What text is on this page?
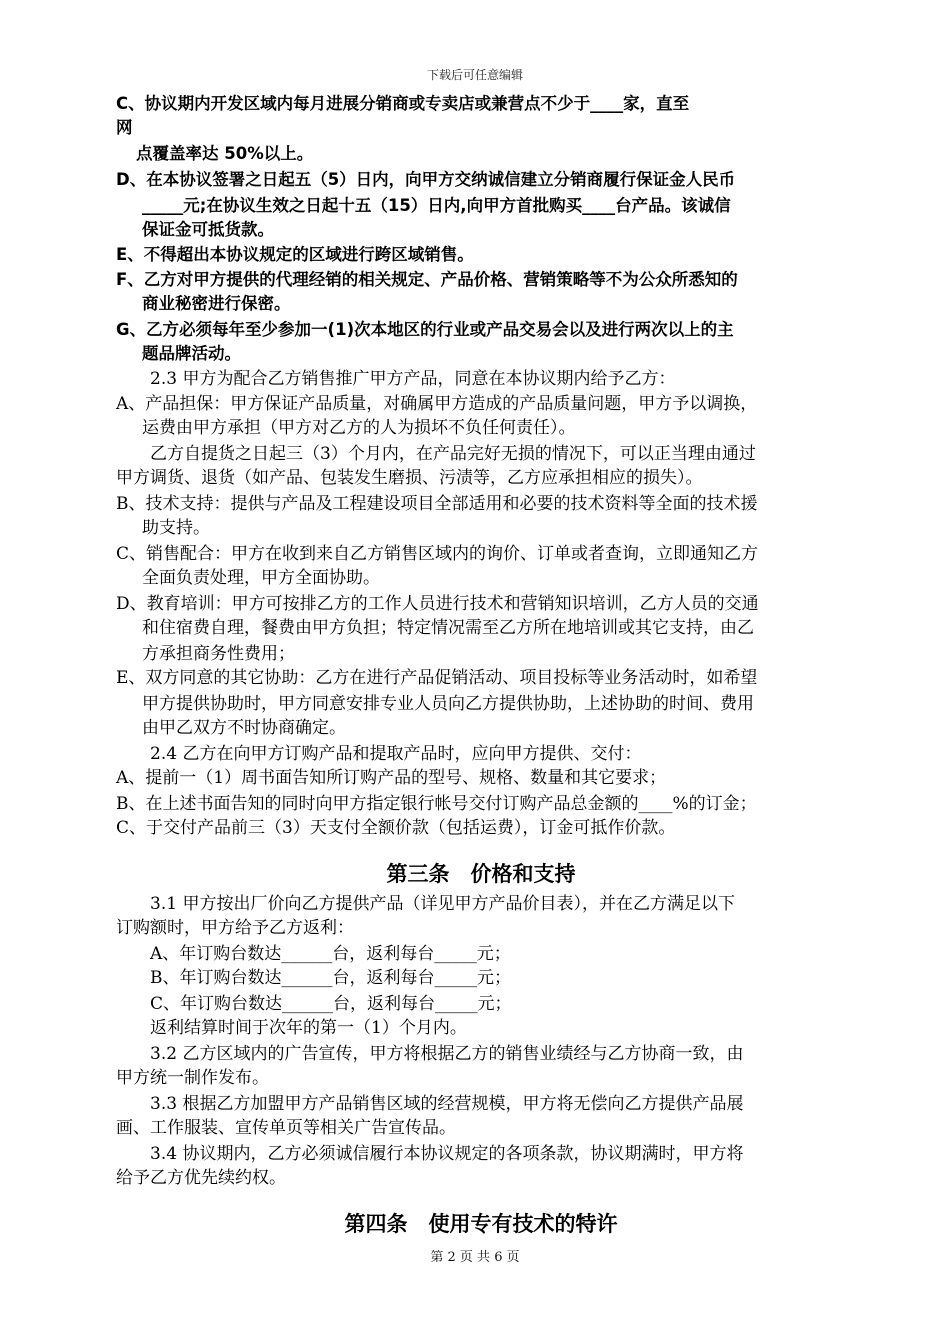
下载后可任意编辑
C、协议期内开发区域内每月进展分销商或专卖店或兼营点不少于____家，直至
网
点覆盖率达 50%以上。
D、在本协议签署之日起五（5）日内，向甲方交纳诚信建立分销商履行保证金人民币
_____元;在协议生效之日起十五（15）日内,向甲方首批购买____台产品。该诚信
保证金可抵货款。
E、不得超出本协议规定的区域进行跨区域销售。
F、乙方对甲方提供的代理经销的相关规定、产品价格、营销策略等不为公众所悉知的
商业秘密进行保密。
G、乙方必须每年至少参加一(1)次本地区的行业或产品交易会以及进行两次以上的主
题品牌活动。
2.3 甲方为配合乙方销售推广甲方产品，同意在本协议期内给予乙方：
A、产品担保：甲方保证产品质量，对确属甲方造成的产品质量问题，甲方予以调换，
运费由甲方承担（甲方对乙方的人为损坏不负任何责任）。
乙方自提货之日起三（3）个月内，在产品完好无损的情况下，可以正当理由通过
甲方调货、退货（如产品、包装发生磨损、污渍等，乙方应承担相应的损失）。
B、技术支持：提供与产品及工程建设项目全部适用和必要的技术资料等全面的技术援
助支持。
C、销售配合：甲方在收到来自乙方销售区域内的询价、订单或者查询，立即通知乙方
全面负责处理，甲方全面协助。
D、教育培训：甲方可按排乙方的工作人员进行技术和营销知识培训，乙方人员的交通
和住宿费自理，餐费由甲方负担；特定情况需至乙方所在地培训或其它支持，由乙
方承担商务性费用；
E、双方同意的其它协助：乙方在进行产品促销活动、项目投标等业务活动时，如希望
甲方提供协助时，甲方同意安排专业人员向乙方提供协助，上述协助的时间、费用
由甲乙双方不时协商确定。
2.4 乙方在向甲方订购产品和提取产品时，应向甲方提供、交付：
A、提前一（1）周书面告知所订购产品的型号、规格、数量和其它要求；
B、在上述书面告知的同时向甲方指定银行帐号交付订购产品总金额的____%的订金；
C、于交付产品前三（3）天支付全额价款（包括运费），订金可抵作价款。
第三条　价格和支持
3.1 甲方按出厂价向乙方提供产品（详见甲方产品价目表），并在乙方满足以下
订购额时，甲方给予乙方返利：
A、年订购台数达______台，返利每台_____元；
B、年订购台数达______台，返利每台_____元；
C、年订购台数达______台，返利每台_____元；
返利结算时间于次年的第一（1）个月内。
3.2 乙方区域内的广告宣传，甲方将根据乙方的销售业绩经与乙方协商一致，由
甲方统一制作发布。
3.3 根据乙方加盟甲方产品销售区域的经营规模，甲方将无偿向乙方提供产品展
画、工作服装、宣传单页等相关广告宣传品。
3.4 协议期内，乙方必须诚信履行本协议规定的各项条款，协议期满时，甲方将
给予乙方优先续约权。
第四条　使用专有技术的特许
第 2 页 共 6 页
